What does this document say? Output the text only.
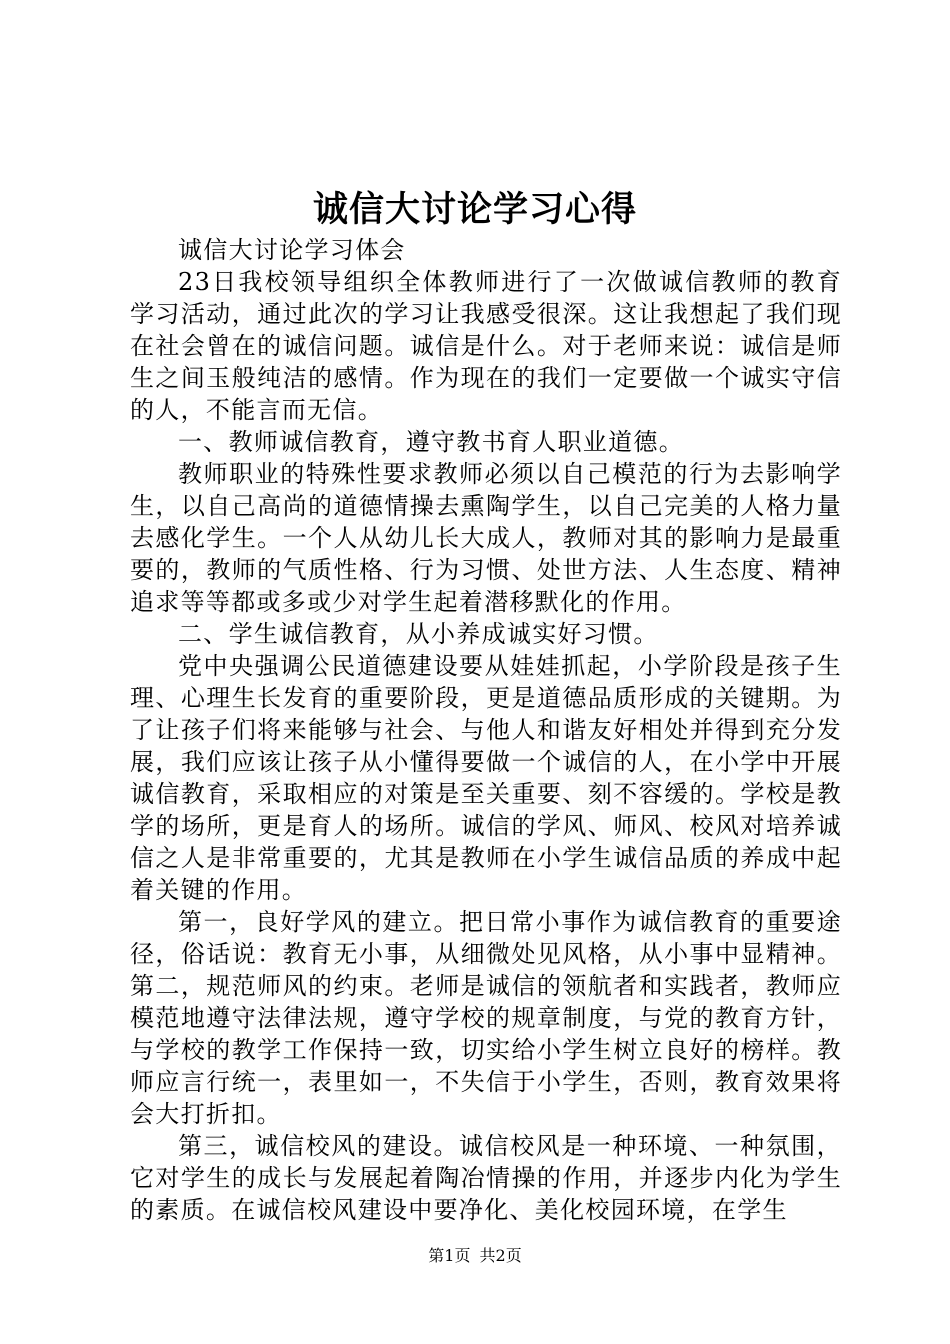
诚信大讨论学习心得

诚信大讨论学习体会

23日我校领导组织全体教师进行了一次做诚信教师的教育学习活动，通过此次的学习让我感受很深。这让我想起了我们现在社会曾在的诚信问题。诚信是什么。对于老师来说：诚信是师生之间玉般纯洁的感情。作为现在的我们一定要做一个诚实守信的人，不能言而无信。

一、教师诚信教育，遵守教书育人职业道德。

教师职业的特殊性要求教师必须以自己模范的行为去影响学生，以自己高尚的道德情操去熏陶学生，以自己完美的人格力量去感化学生。一个人从幼儿长大成人，教师对其的影响力是最重要的，教师的气质性格、行为习惯、处世方法、人生态度、精神追求等等都或多或少对学生起着潜移默化的作用。

二、学生诚信教育，从小养成诚实好习惯。

党中央强调公民道德建设要从娃娃抓起，小学阶段是孩子生理、心理生长发育的重要阶段，更是道德品质形成的关键期。为了让孩子们将来能够与社会、与他人和谐友好相处并得到充分发展，我们应该让孩子从小懂得要做一个诚信的人，在小学中开展诚信教育，采取相应的对策是至关重要、刻不容缓的。学校是教学的场所，更是育人的场所。诚信的学风、师风、校风对培养诚信之人是非常重要的，尤其是教师在小学生诚信品质的养成中起着关键的作用。

第一，良好学风的建立。把日常小事作为诚信教育的重要途径，俗话说：教育无小事，从细微处见风格，从小事中显精神。第二，规范师风的约束。老师是诚信的领航者和实践者，教师应模范地遵守法律法规，遵守学校的规章制度，与党的教育方针，与学校的教学工作保持一致，切实给小学生树立良好的榜样。教师应言行统一，表里如一，不失信于小学生，否则，教育效果将会大打折扣。

第三，诚信校风的建设。诚信校风是一种环境、一种氛围，它对学生的成长与发展起着陶冶情操的作用，并逐步内化为学生的素质。在诚信校风建设中要净化、美化校园环境，在学生

第1页 共2页
